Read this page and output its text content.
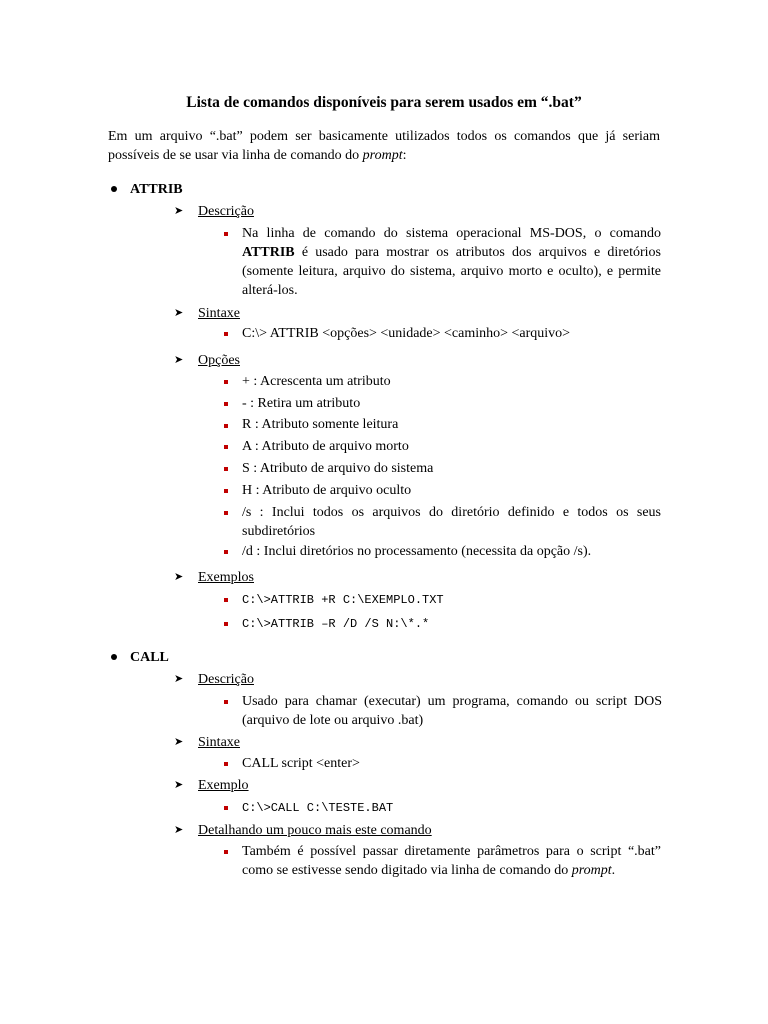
Lista de comandos disponíveis para serem usados em “.bat”
Em um arquivo “.bat” podem ser basicamente utilizados todos os comandos que já seriam possíveis de se usar via linha de comando do prompt:
ATTRIB
➤ Descrição
Na linha de comando do sistema operacional MS-DOS, o comando ATTRIB é usado para mostrar os atributos dos arquivos e diretórios (somente leitura, arquivo do sistema, arquivo morto e oculto), e permite alterá-los.
➤ Sintaxe
C:\> ATTRIB <opções> <unidade> <caminho> <arquivo>
➤ Opções
+ : Acrescenta um atributo
- : Retira um atributo
R : Atributo somente leitura
A : Atributo de arquivo morto
S : Atributo de arquivo do sistema
H : Atributo de arquivo oculto
/s : Inclui todos os arquivos do diretório definido e todos os seus subdiretórios
/d : Inclui diretórios no processamento (necessita da opção /s).
➤ Exemplos
C:\>ATTRIB +R C:\EXEMPLO.TXT
C:\>ATTRIB –R /D /S N:\*.*
CALL
➤ Descrição
Usado para chamar (executar) um programa, comando ou script DOS (arquivo de lote ou arquivo .bat)
➤ Sintaxe
CALL script <enter>
➤ Exemplo
C:\>CALL C:\TESTE.BAT
➤ Detalhando um pouco mais este comando
Também é possível passar diretamente parâmetros para o script “.bat” como se estivesse sendo digitado via linha de comando do prompt.
